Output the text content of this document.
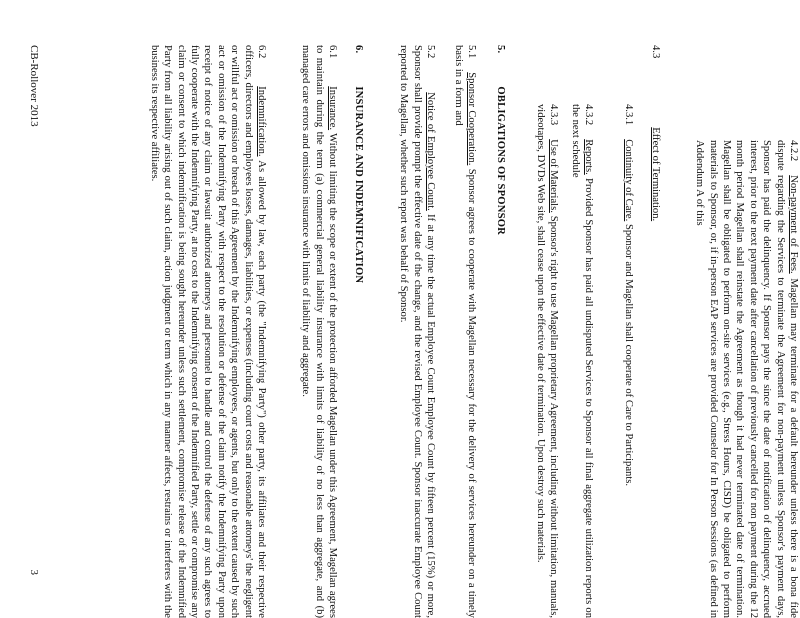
4.2.2Non-payment of Fees. Magellan may terminate for a default hereunder unless there is a bona fide dispute regarding the Services to terminate the Agreement for non-payment unless Sponsor's payment days, Sponsor has paid the delinquency. If Sponsor pays the since the date of notification of delinquency, accrued interest, prior to the next payment date after cancellation of previously cancelled for non payment during the 12 month period Magellan shall reinstate the Agreement as though it had never terminated date of termination. Magellan shall be obligated to perform on-site services (e.g., Stress Hours, CISD) be obligated to perform materials to Sponsor, or, if in-person EAP services are provided Counselor for In Person Sessions (as defined in Addendum A of this

4.3Effect of Termination.

4.3.1Continuity of Care. Sponsor and Magellan shall cooperate of Care to Participants.

4.3.2Reports. Provided Sponsor has paid all undisputed Services to Sponsor all final aggregate utilization reports on the next schedule

4.3.3Use of Materials. Sponsor's right to use Magellan proprietary Agreement, including without limitation, manuals, videotapes, DVDs Web site, shall cease upon the effective date of termination. Upon destroy such materials.

5.OBLIGATIONS OF SPONSOR

5.1Sponsor Cooperation. Sponsor agrees to cooperate with Magellan necessary for the delivery of services hereunder on a timely basis in a form and

5.2Notice of Employee Count. If at any time the actual Employee Count Employee Count by fifteen percent (15%) or more, Sponsor shall provide prompt the effective date of the change, and the revised Employee Count. Sponsor inaccurate Employee Count reported to Magellan, whether such report was behalf of Sponsor.

6.INSURANCE AND INDEMNIFICATION

6.1Insurance. Without limiting the scope or extent of the protection afforded Magellan under this Agreement, Magellan agrees to maintain during the term (a) commercial general liability insurance with limits of liability of no less than aggregate, and (b) managed care errors and omissions insurance with limits of liability and aggregate.

6.2Indemnification. As allowed by law, each party (the "Indemnifying Party") other party, its affiliates and their respective officers, directors and employees losses, damages, liabilities, or expenses (including court costs and reasonable attorneys' the negligent or willful act or omission or breach of this Agreement by the Indemnifying employees, or agents, but only to the extent caused by such act or omission of the Indemnifying Party with respect to the resolution or defense of the claim notify the Indemnifying Party upon receipt of notice of any claim or lawsuit authorized attorneys and personnel to handle and control the defense of any such agrees to fully cooperate with the Indemnifying Party, at no cost to the Indemnifying consent of the Indemnified Party, settle or compromise any claim or consent to which indemnification is being sought hereunder unless such settlement, compromise release of the Indemnified Party from all liability arising out of such claim, action judgment or term which in any manner affects, restrains or interferes with the business its respective affiliates.

CB-Rollover 2013
3
